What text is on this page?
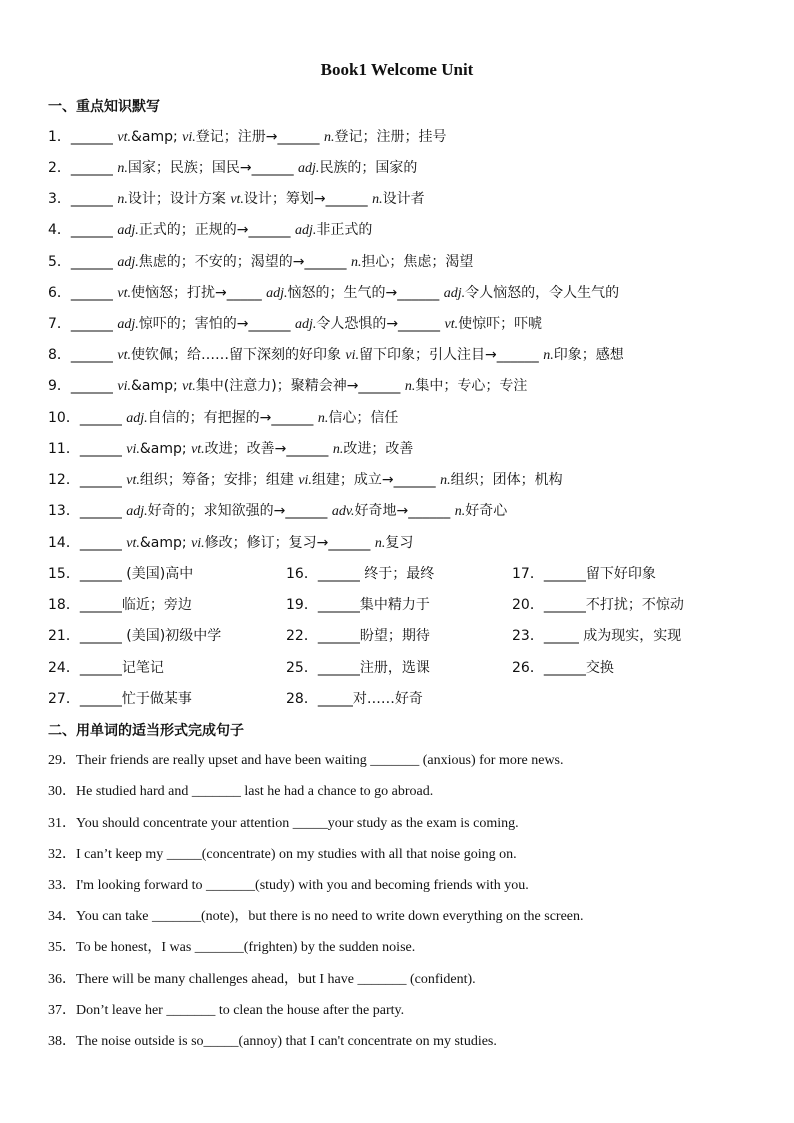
Book1 Welcome Unit
一、重点知识默写
1．______ vt.&amp; vi.登记；注册→______ n.登记；注册；挂号
2．______ n.国家；民族；国民→______ adj.民族的；国家的
3．______ n.设计；设计方案 vt.设计；筹划→______ n.设计者
4．______ adj.正式的；正规的→______ adj.非正式的
5．______ adj.焦虑的；不安的；渴望的→______ n.担心；焦虑；渴望
6．______ vt.使恼怒；打扰→_____ adj.恼怒的；生气的→______ adj.令人恼怒的，令人生气的
7．______ adj.惊吓的；害怕的→______ adj.令人恐惧的→______ vt.使惊吓；吓唬
8．______ vt.使钦佩；给……留下深刻的好印象 vi.留下印象；引人注目→______ n.印象；感想
9．______ vi.&amp; vt.集中(注意力)；聚精会神→______ n.集中；专心；专注
10．______ adj.自信的；有把握的→______ n.信心；信任
11．______ vi.&amp; vt.改进；改善→______ n.改进；改善
12．______ vt.组织；筹备；安排；组建 vi.组建；成立→______ n.组织；团体；机构
13．______ adj.好奇的；求知欲强的→______ adv.好奇地→______ n.好奇心
14．______ vt.&amp; vi.修改；修订；复习→______ n.复习
15．______ (美国)高中	16．______ 终于；最终	17．______留下好印象
18．______临近；旁边	19．______集中精力于	20．______不打扰；不惊动
21．______ (美国)初级中学	22．______盼望；期待	23．_____ 成为现实，实现
24．______记笔记	25．______注册，选课	26．______交换
27．______忙于做某事	28．_____对……好奇
二、用单词的适当形式完成句子
29．Their friends are really upset and have been waiting _______ (anxious) for more news.
30．He studied hard and _______ last he had a chance to go abroad.
31．You should concentrate your attention _____your study as the exam is coming.
32．I can’t keep my _____(concentrate) on my studies with all that noise going on.
33．I'm looking forward to _______(study) with you and becoming friends with you.
34．You can take _______(note)，but there is no need to write down everything on the screen.
35．To be honest，I was _______(frighten) by the sudden noise.
36．There will be many challenges ahead，but I have _______ (confident).
37．Don’t leave her _______ to clean the house after the party.
38．The noise outside is so_____(annoy) that I can't concentrate on my studies.
